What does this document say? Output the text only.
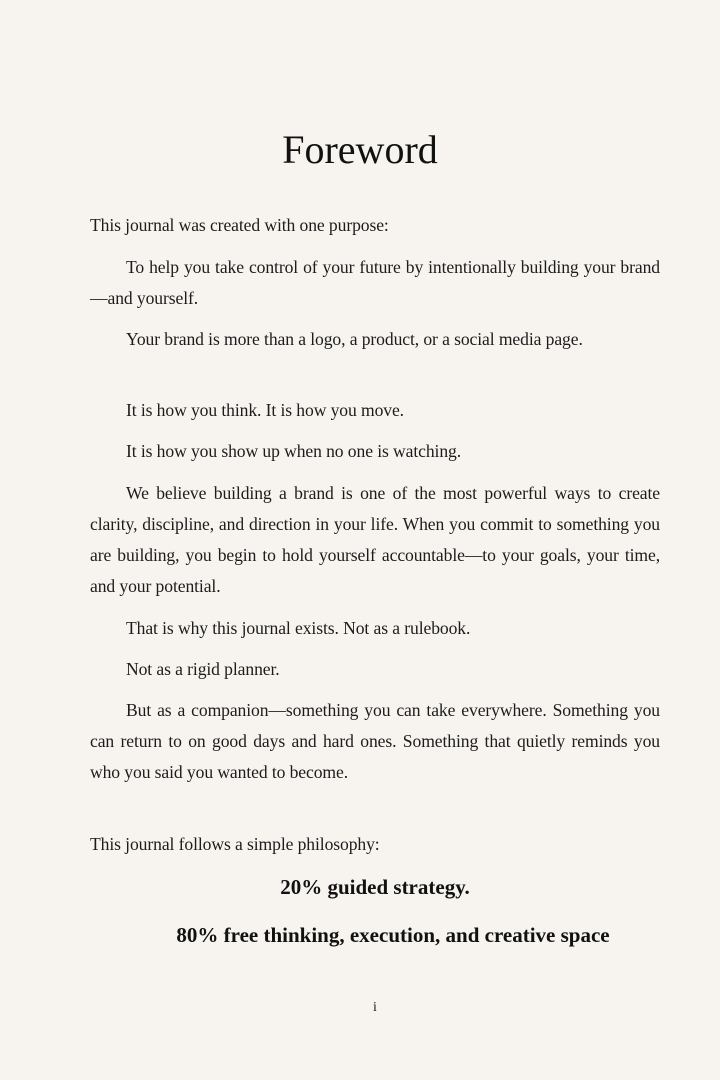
Foreword

This journal was created with one purpose:

To help you take control of your future by intentionally building your brand—and yourself.

Your brand is more than a logo, a product, or a social media page.

It is how you think. It is how you move.

It is how you show up when no one is watching.

We believe building a brand is one of the most powerful ways to create clarity, discipline, and direction in your life. When you commit to something you are building, you begin to hold yourself accountable—to your goals, your time, and your potential.

That is why this journal exists. Not as a rulebook.

Not as a rigid planner.

But as a companion—something you can take everywhere. Something you can return to on good days and hard ones. Something that quietly reminds you who you said you wanted to become.

This journal follows a simple philosophy:

20% guided strategy.
80% free thinking, execution, and creative space
i
